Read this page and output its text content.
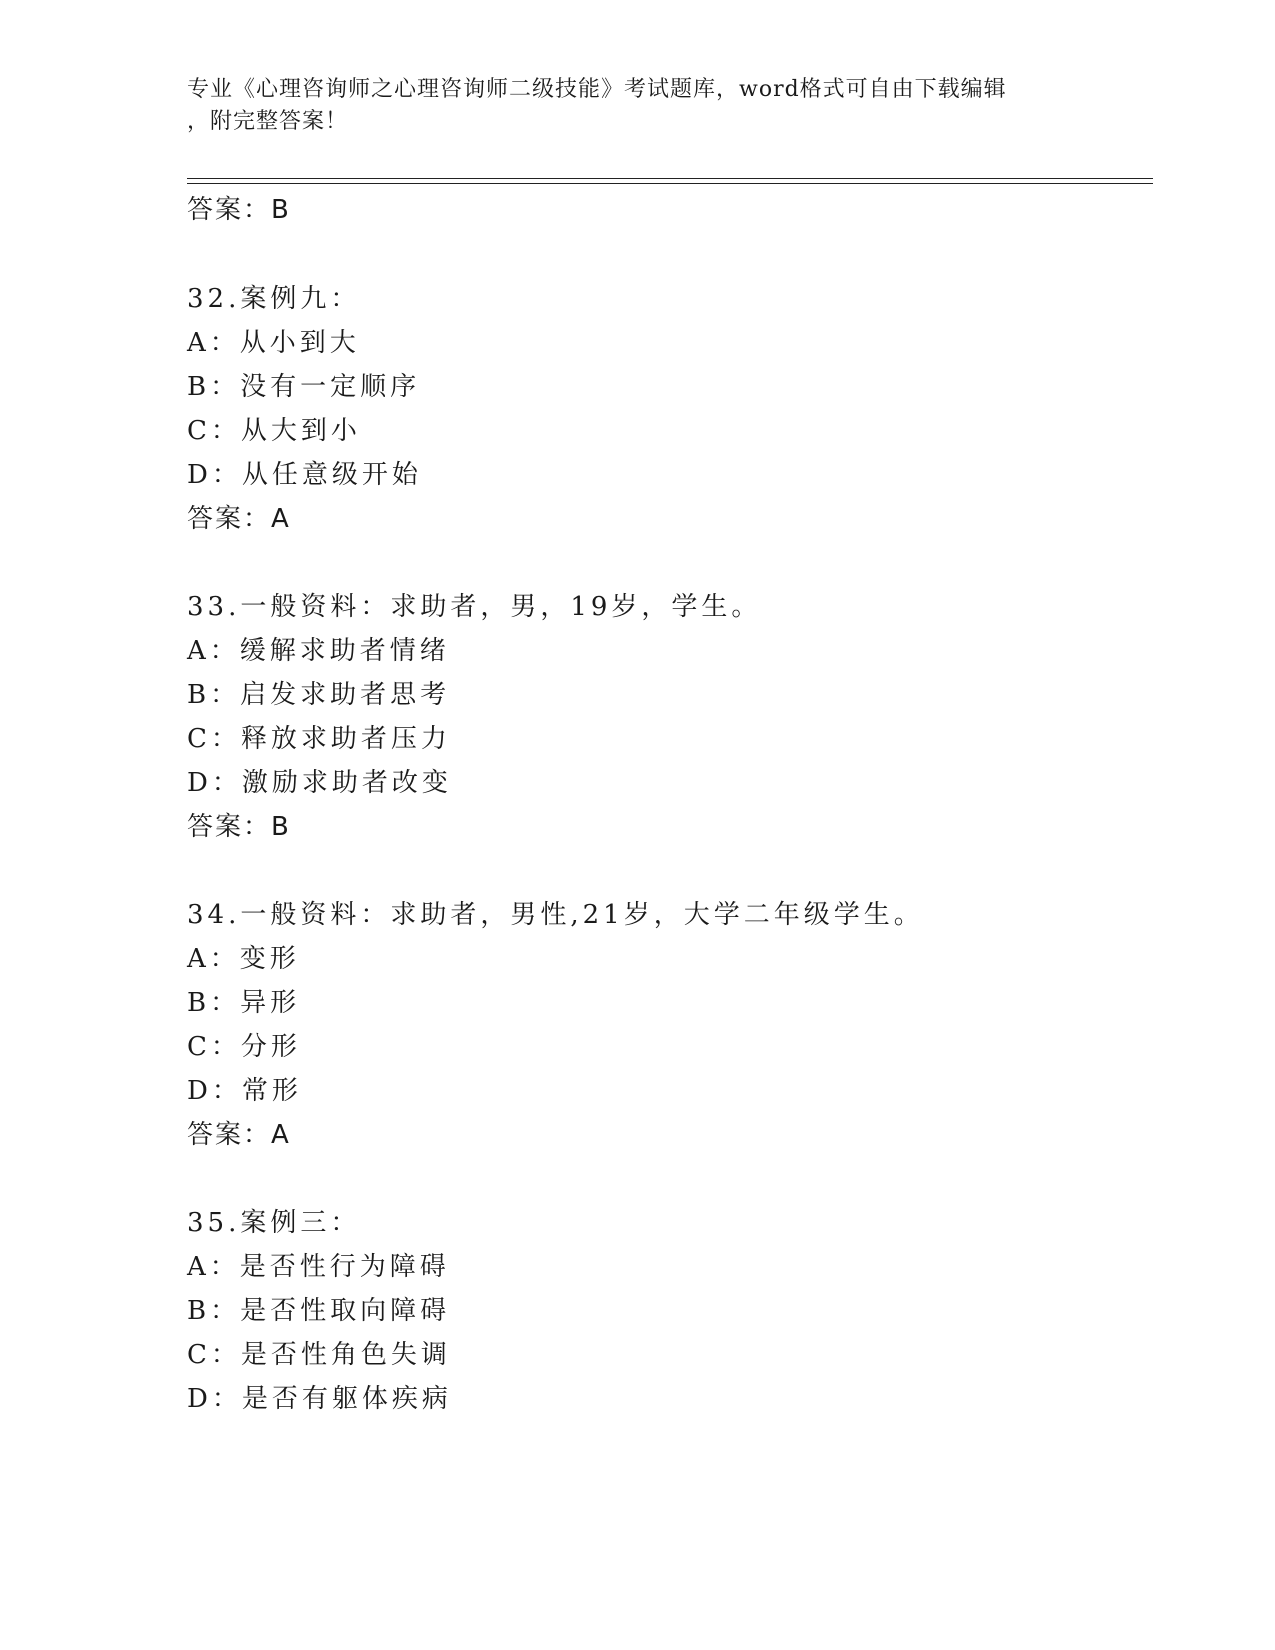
专业《心理咨询师之心理咨询师二级技能》考试题库，word格式可自由下载编辑
，附完整答案！
答案：B
32.案例九：
A：从小到大
B：没有一定顺序
C：从大到小
D：从任意级开始
答案：A
33.一般资料：求助者，男，19岁，学生。
A：缓解求助者情绪
B：启发求助者思考
C：释放求助者压力
D：激励求助者改变
答案：B
34.一般资料：求助者，男性,21岁，大学二年级学生。
A：变形
B：异形
C：分形
D：常形
答案：A
35.案例三：
A：是否性行为障碍
B：是否性取向障碍
C：是否性角色失调
D：是否有躯体疾病
